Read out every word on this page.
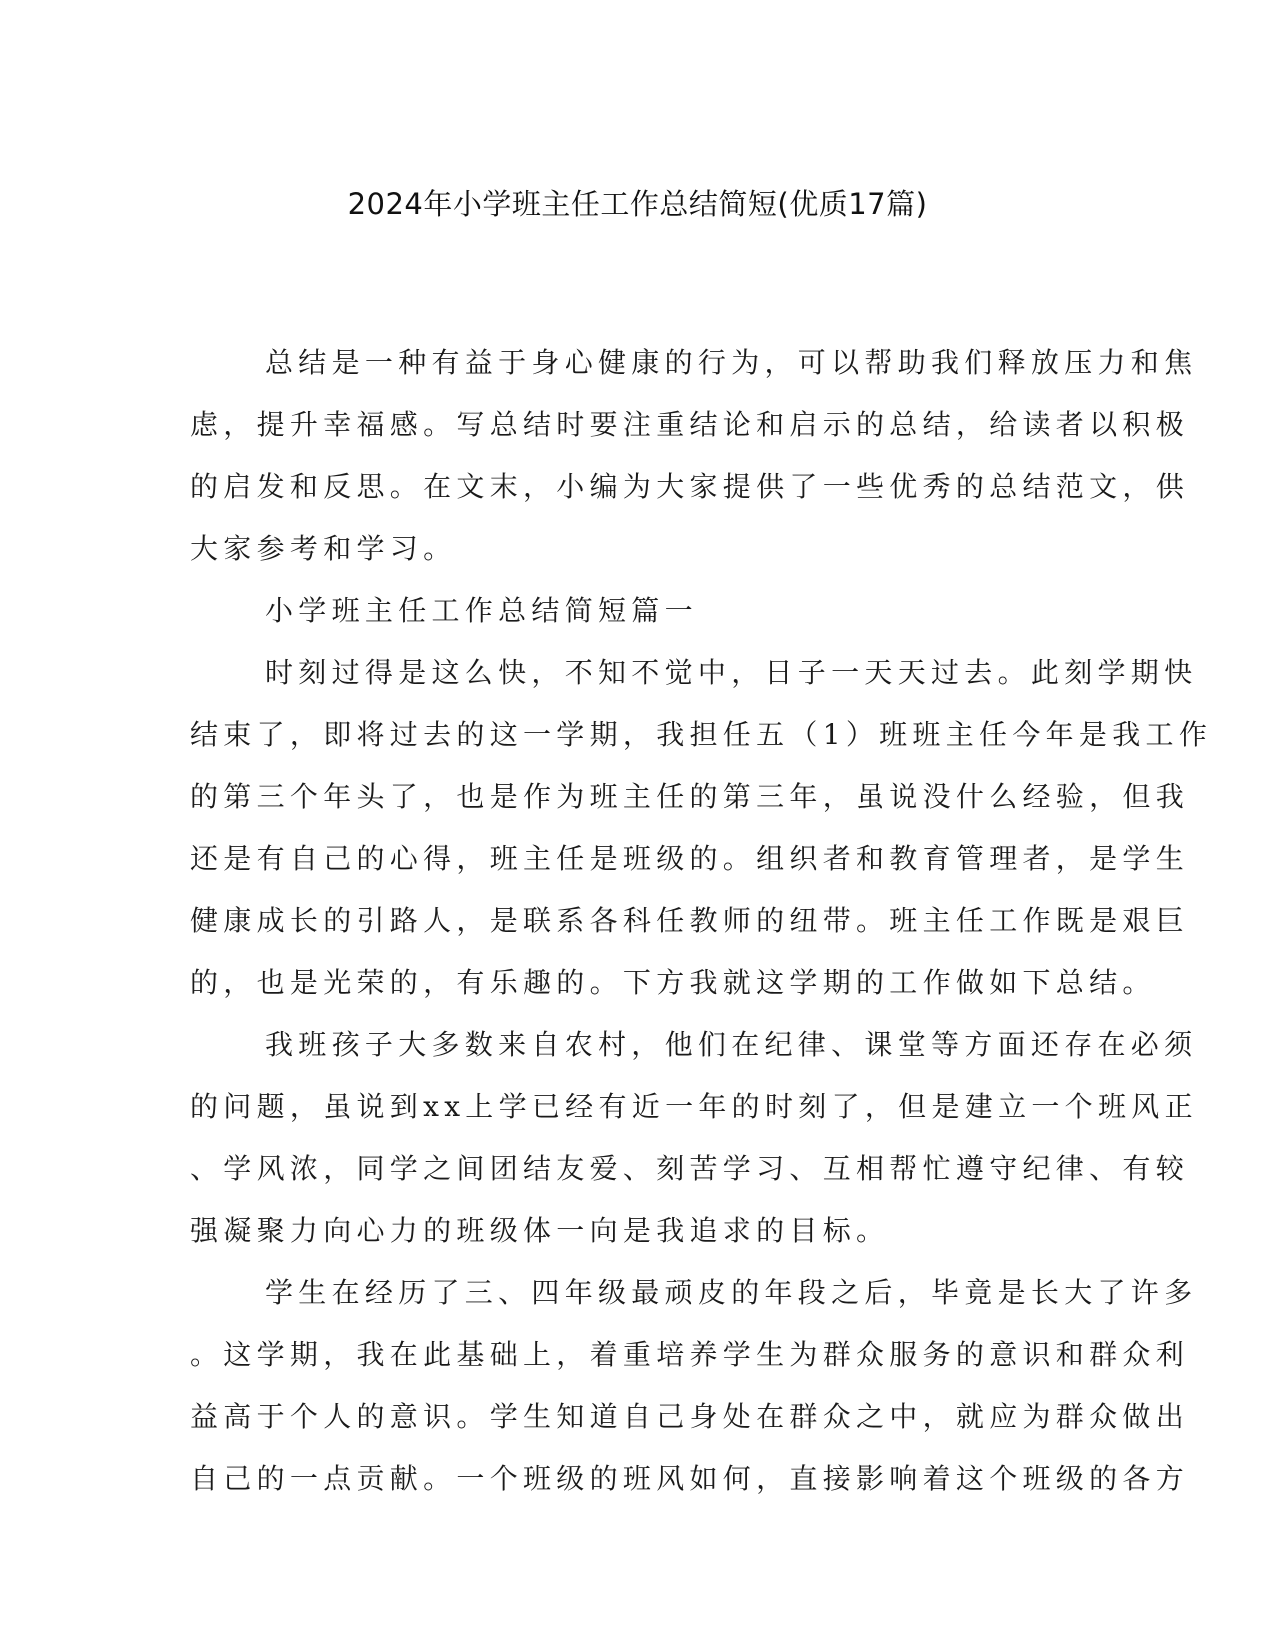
2024年小学班主任工作总结简短(优质17篇)
总结是一种有益于身心健康的行为，可以帮助我们释放压力和焦
虑，提升幸福感。写总结时要注重结论和启示的总结，给读者以积极
的启发和反思。在文末，小编为大家提供了一些优秀的总结范文，供
大家参考和学习。
小学班主任工作总结简短篇一
时刻过得是这么快，不知不觉中，日子一天天过去。此刻学期快
结束了，即将过去的这一学期，我担任五（1）班班主任今年是我工作
的第三个年头了，也是作为班主任的第三年，虽说没什么经验，但我
还是有自己的心得，班主任是班级的。组织者和教育管理者，是学生
健康成长的引路人，是联系各科任教师的纽带。班主任工作既是艰巨
的，也是光荣的，有乐趣的。下方我就这学期的工作做如下总结。
我班孩子大多数来自农村，他们在纪律、课堂等方面还存在必须
的问题，虽说到xx上学已经有近一年的时刻了，但是建立一个班风正
、学风浓，同学之间团结友爱、刻苦学习、互相帮忙遵守纪律、有较
强凝聚力向心力的班级体一向是我追求的目标。
学生在经历了三、四年级最顽皮的年段之后，毕竟是长大了许多
。这学期，我在此基础上，着重培养学生为群众服务的意识和群众利
益高于个人的意识。学生知道自己身处在群众之中，就应为群众做出
自己的一点贡献。一个班级的班风如何，直接影响着这个班级的各方
